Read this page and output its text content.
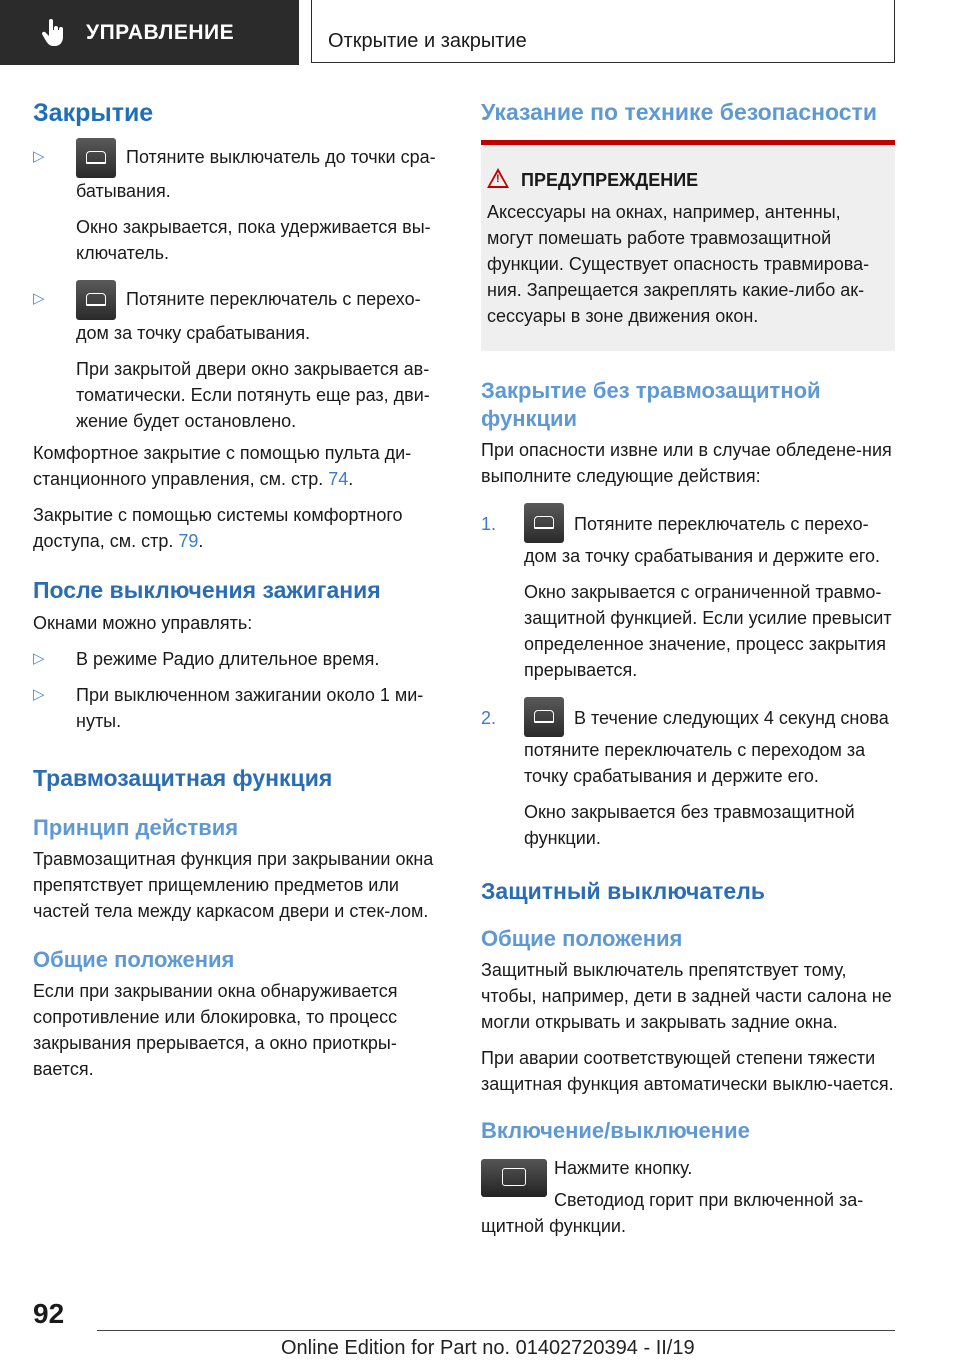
УПРАВЛЕНИЕ	Открытие и закрытие
Закрытие
▷	Потяните выключатель до точки сра-батывания.

Окно закрывается, пока удерживается вы-ключатель.

▷	Потяните переключатель с перехо-дом за точку срабатывания.

При закрытой двери окно закрывается ав-томатически. Если потянуть еще раз, дви-жение будет остановлено.

Комфортное закрытие с помощью пульта ди-станционного управления, см. стр. 74.

Закрытие с помощью системы комфортного доступа, см. стр. 79.

После выключения зажигания

Окнами можно управлять:

▷ В режиме Радио длительное время.

▷ При выключенном зажигании около 1 ми-нуты.

Травмозащитная функция
Принцип действия

Травмозащитная функция при закрывании окна препятствует прищемлению предметов или частей тела между каркасом двери и стек-лом.

Общие положения

Если при закрывании окна обнаруживается сопротивление или блокировка, то процесс закрывания прерывается, а окно приоткры-вается.

Указание по технике безопасности
! ПРЕДУПРЕЖДЕНИЕ

Аксессуары на окнах, например, антенны, могут помешать работе травмозащитной функции. Существует опасность травмирова-ния. Запрещается закреплять какие-либо ак-сессуары в зоне движения окон.

Закрытие без травмозащитной функции

При опасности извне или в случае обледене-ния выполните следующие действия:

1.	Потяните переключатель с перехо-дом за точку срабатывания и держите его.

Окно закрывается с ограниченной травмо-защитной функцией. Если усилие превысит определенное значение, процесс закрытия прерывается.

2.	В течение следующих 4 секунд снова потяните переключатель с переходом за точку срабатывания и держите его.

Окно закрывается без травмозащитной функции.

Защитный выключатель
Общие положения

Защитный выключатель препятствует тому, чтобы, например, дети в задней части салона не могли открывать и закрывать задние окна.

При аварии соответствующей степени тяжести защитная функция автоматически выклю-чается.

Включение/выключение

Нажмите кнопку.

Светодиод горит при включенной за-щитной функции.

92
Online Edition for Part no. 01402720394 - II/19
